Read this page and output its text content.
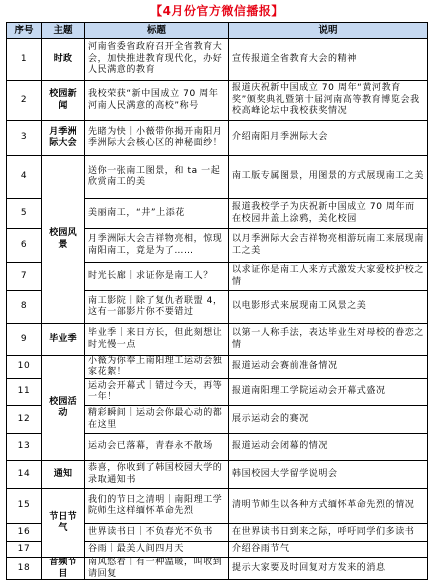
【4月份官方微信播报】
序号	主题	标题	说明

1	时政	河南省委省政府召开全省教育大会，加快推进教育现代化，办好人民满意的教育	宣传报道全省教育大会的精神

2	校园新闻	我校荣获“新中国成立 70 周年河南人民满意的高校”称号	报道庆祝新中国成立 70 周年“黄河教育奖”颁奖典礼暨第十届河南高等教育博览会我校高峰论坛中我校获奖情况

3	月季洲际大会	先睹为快｜小薇带你揭开南阳月季洲际大会核心区的神秘面纱！	介绍南阳月季洲际大会

4	校园风景	送你一张南工图景，和 ta 一起欣赏南工的美	南工版专属图景，用图景的方式展现南工之美

5		美丽南工，“井”上添花	报道我校学子为庆祝新中国成立 70 周年而在校园井盖上涂鸦，美化校园

6		月季洲际大会吉祥物亮相，惊现南阳南工，竟是为了……	以月季洲际大会吉祥物亮相游玩南工来展现南工之美

7		时光长廊｜求证你是南工人？	以求证你是南工人来方式激发大家爱校护校之情

8		南工影院｜除了复仇者联盟 4，这有一部影片你不要错过	以电影形式来展现南工风景之美

9	毕业季	毕业季｜来日方长，但此刻想让时光慢一点	以第一人称手法，表达毕业生对母校的眷恋之情

10	校园活动	小薇为你奉上南阳理工运动会独家花絮！	报道运动会赛前准备情况

11		运动会开幕式｜错过今天，再等一年！	报道南阳理工学院运动会开幕式盛况

12		精彩瞬间｜运动会你最心动的都在这里	展示运动会的赛况

13		运动会已落幕，青春永不散场	报道运动会闭幕的情况

14	通知	恭喜，你收到了韩国校园大学的录取通知书	韩国校园大学留学说明会

15	节日节气	我们的节日之清明｜南阳理工学院师生这样缅怀革命先烈	清明节师生以各种方式缅怀革命先烈的情况

16		世界读书日｜不负春光不负书	在世界读书日到来之际，呼吁同学们多读书

17		谷雨｜最美人间四月天	介绍谷雨节气

18	音频节目	南风悠着｜有一种温暖，叫收到请回复	提示大家要及时回复对方发来的消息
